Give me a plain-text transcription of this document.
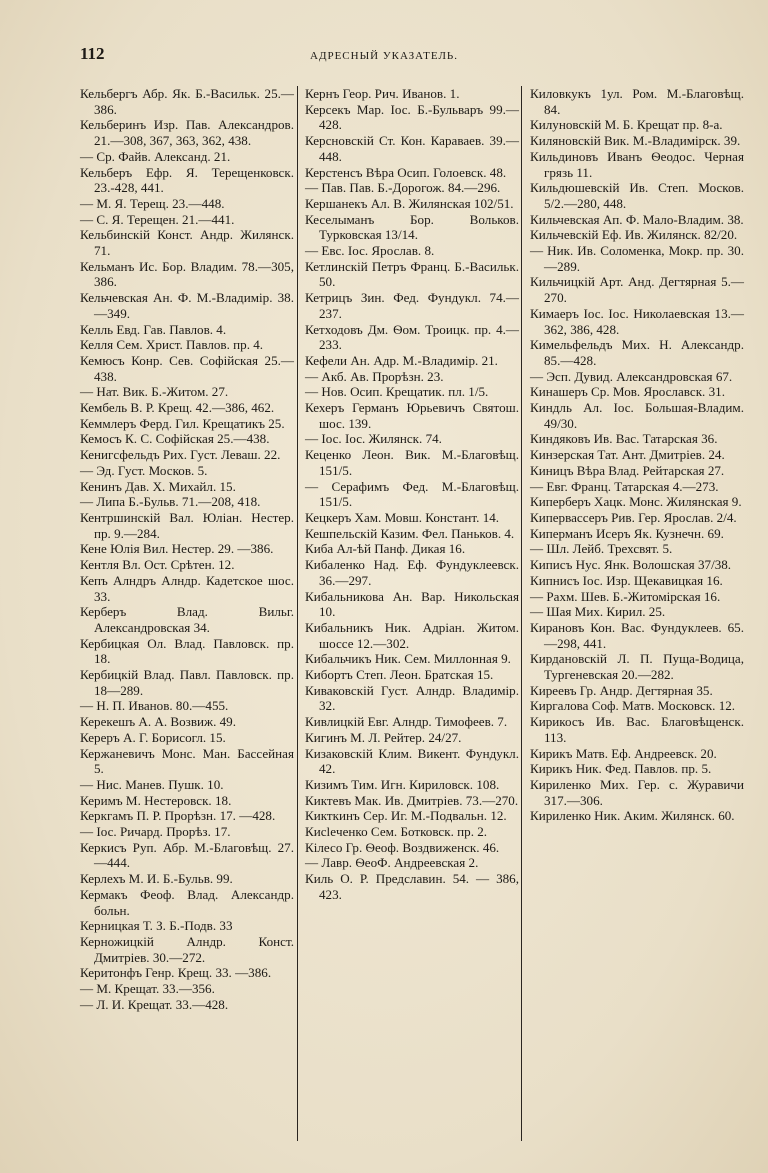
112	АДРЕСНЫЙ УКАЗАТЕЛЬ.
Кельбергъ Абр. Як. Б.-Васильк. 25.—386.
Кельберинъ Изр. Пав. Александров. 21.—308, 367, 363, 362, 438.
— Ср. Файв. Александ. 21.
Кельберъ Ефр. Я. Терещенковск. 23.-428, 441.
— М. Я. Терещ. 23.—448.
— С. Я. Терещен. 21.—441.
Кельбинскій Конст. Андр. Жилянск. 71.
Кельманъ Ис. Бор. Владим. 78.—305, 386.
Кельчевская Ан. Ф. М.-Владимір. 38.—349.
Келль Евд. Гав. Павлов. 4.
Келля Сем. Христ. Павлов. пр. 4.
Кемюсъ Конр. Сев. Софійская 25.—438.
— Нат. Вик. Б.-Житом. 27.
Кембель В. Р. Крещ. 42.—386, 462.
Кеммлеръ Ферд. Гил. Крещатикъ 25.
Кемосъ К. С. Софійская 25.—438.
Кенигсфельдъ Рих. Густ. Леваш. 22.
— Эд. Густ. Москов. 5.
Кенинъ Дав. Х. Михайл. 15.
— Липа Б.-Бульв. 71.—208, 418.
Кентршинскій Вал. Юліан. Нестер. пр. 9.—284.
Кене Юлія Вил. Нестер. 29. —386.
Кентля Вл. Ост. Срѣтен. 12.
Кепъ Алндръ Алндр. Кадетское шос. 33.
Керберъ Влад. Вильг. Александровская 34.
Кербицкая Ол. Влад. Павловск. пр. 18.
Кербицкій Влад. Павл. Павловск. пр. 18—289.
— Н. П. Иванов. 80.—455.
Керекешъ А. А. Возвиж. 49.
Кереръ А. Г. Борисогл. 15.
Кержаневичъ Монс. Ман. Бассейная 5.
— Нис. Манев. Пушк. 10.
Керимъ М. Нестеровск. 18.
Керкгамъ П. Р. Прорѣзн. 17. —428.
— Іос. Ричард. Прорѣз. 17.
Керкисъ Руп. Абр. М.-Благовѣщ. 27.—444.
Керлехъ М. И. Б.-Бульв. 99.
Кермакъ Феоф. Влад. Александр. больн.
Керницкая Т. З. Б.-Подв. 33
Керножицкій Алндр. Конст. Дмитріев. 30.—272.
Керитонфъ Генр. Крещ. 33. —386.
— М. Крещат. 33.—356.
— Л. И. Крещат. 33.—428.
Кернъ Геор. Рич. Иванов. 1.
Керсекъ Мар. Іос. Б.-Бульваръ 99.—428.
Керсновскій Ст. Кон. Караваев. 39.—448.
Керстенсъ Вѣра Осип. Голоевск. 48.
— Пав. Пав. Б.-Дорогож. 84.—296.
Кершанекъ Ал. В. Жилянская 102/51.
Кеселыманъ Бор. Вольков. Турковская 13/14.
— Евс. Іос. Ярослав. 8.
Кетлинскій Петръ Франц. Б.-Васильк. 50.
Кетрицъ Зин. Фед. Фундукл. 74.—237.
Кетходовъ Дм. Ѳом. Троицк. пр. 4.—233.
Кефели Ан. Адр. М.-Владимір. 21.
— Акб. Ав. Прорѣзн. 23.
— Нов. Осип. Крещатик. пл. 1/5.
Кехеръ Германъ Юрьевичъ Святош. шос. 139.
— Іос. Іос. Жилянск. 74.
Кеценко Леон. Вик. М.-Благовѣщ. 151/5.
— Серафимъ Фед. М.-Благовѣщ. 151/5.
Кецкеръ Хам. Мовш. Констант. 14.
Кешпельскій Казим. Фел. Паньков. 4.
Киба Ал-ѣй Панф. Дикая 16.
Кибаленко Над. Еф. Фундуклеевск. 36.—297.
Кибальникова Ан. Вар. Никольская 10.
Кибальникъ Ник. Адріан. Житом. шоссе 12.—302.
Кибальчикъ Ник. Сем. Миллонная 9.
Кибортъ Степ. Леон. Братская 15.
Киваковскій Густ. Алндр. Владимір. 32.
Кивлицкій Евг. Алндр. Тимофеев. 7.
Кигинъ М. Л. Рейтер. 24/27.
Кизаковскій Клим. Викент. Фундукл. 42.
Кизимъ Тим. Игн. Кириловск. 108.
Киктевъ Мак. Ив. Дмитріев. 73.—270.
Кикткинъ Сер. Иг. М.-Подвальн. 12.
Кисleченко Сем. Ботковск. пр. 2.
Кілесо Гр. Ѳеоф. Воздвиженск. 46.
— Лавр. ѲеоФ. Андреевская 2.
Киль О. Р. Предславин. 54. — 386, 423.
Киловкукъ 1ул. Ром. М.-Благовѣщ. 84.
Килуновскій М. Б. Крещат пр. 8-а.
Киляновскій Вик. М.-Владимірск. 39.
Кильдиновъ Иванъ Ѳеодос. Черная грязь 11.
Кильдюшевскій Ив. Степ. Москов. 5/2.—280, 448.
Кильчевская Ап. Ф. Мало-Владим. 38.
Кильчевскій Еф. Ив. Жилянск. 82/20.
— Ник. Ив. Соломенка, Мокр. пр. 30.—289.
Кильчицкій Арт. Анд. Дегтярная 5.—270.
Кимаеръ Іос. Іос. Николаевская 13.—362, 386, 428.
Кимельфельдъ Мих. Н. Александр. 85.—428.
— Эсп. Дувид. Александровская 67.
Кинашеръ Ср. Мов. Ярославск. 31.
Киндль Ал. Іос. Большая-Владим. 49/30.
Киндяковъ Ив. Вас. Татарская 36.
Кинзерская Тат. Ант. Дмитріев. 24.
Киницъ Вѣра Влад. Рейтарская 27.
— Евг. Франц. Татарская 4.—273.
Киперберъ Хацк. Монс. Жилянская 9.
Кипервассеръ Рив. Гер. Ярослав. 2/4.
Киперманъ Исеръ Як. Кузнечн. 69.
— Шл. Лейб. Трехсвят. 5.
Киписъ Нус. Янк. Волошская 37/38.
Кипнисъ Іос. Изр. Щекавицкая 16.
— Рахм. Шев. Б.-Житомірская 16.
— Шая Мих. Кирил. 25.
Кирановъ Кон. Вас. Фундуклеев. 65.—298, 441.
Кирдановскій Л. П. Пуща-Водица, Тургеневская 20.—282.
Киреевъ Гр. Андр. Дегтярная 35.
Киргалова Соф. Матв. Московск. 12.
Кирикосъ Ив. Вас. Благовѣщенск. 113.
Кирикъ Матв. Еф. Андреевск. 20.
Кирикъ Ник. Фед. Павлов. пр. 5.
Кириленко Мих. Гер. с. Журавичи 317.—306.
Кириленко Ник. Аким. Жилянск. 60.
